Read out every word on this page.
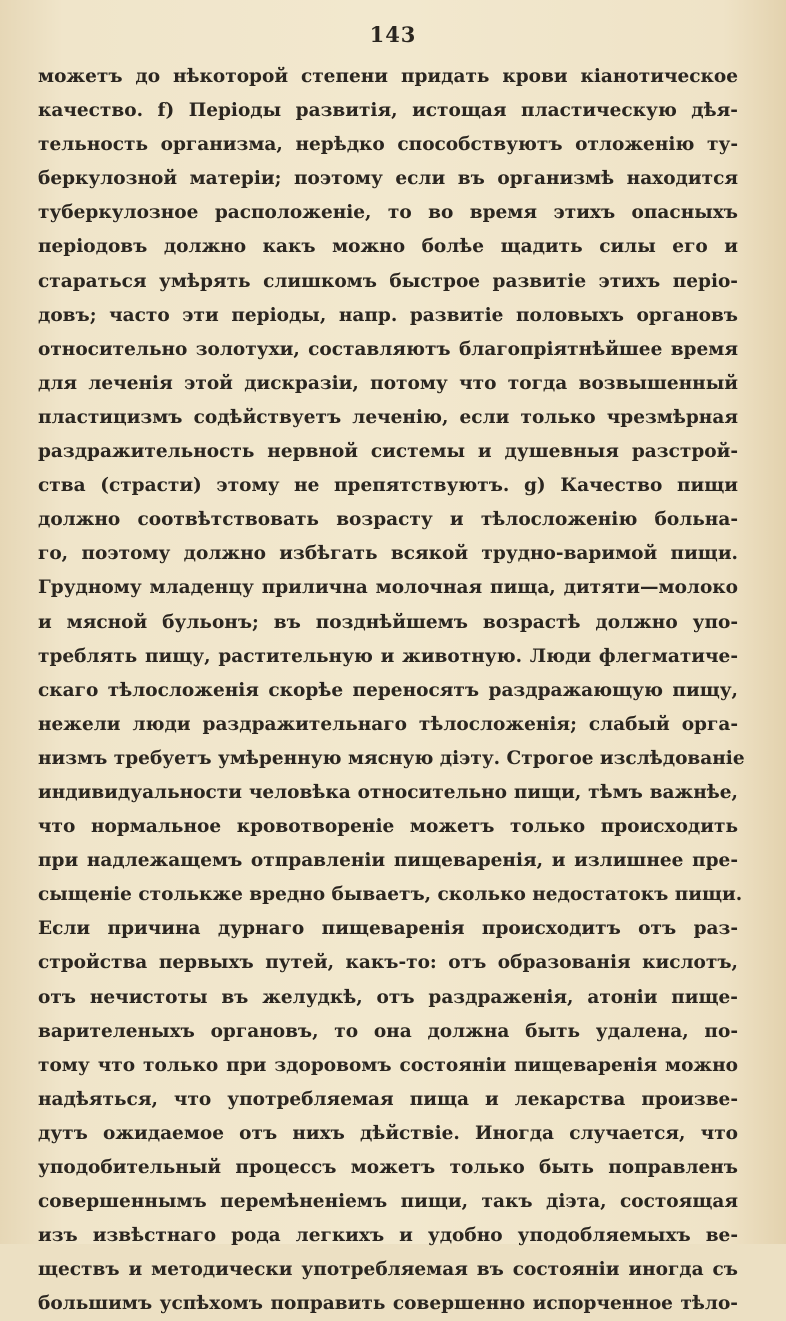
143
можетъ до нѣкоторой степени придать крови кіанотическое
качество. f) Періоды развитія, истощая пластическую дѣя-
тельность организма, нерѣдко способствуютъ отложенію ту-
беркулозной матеріи; поэтому если въ организмѣ находится
туберкулозное расположеніе, то во время этихъ опасныхъ
періодовъ должно какъ можно болѣе щадить силы его и
стараться умѣрять слишкомъ быстрое развитіе этихъ періо-
довъ; часто эти періоды, напр. развитіе половыхъ органовъ
относительно золотухи, составляютъ благопріятнѣйшее время
для леченія этой дискразіи, потому что тогда возвышенный
пластицизмъ содѣйствуетъ леченію, если только чрезмѣрная
раздражительность нервной системы и душевныя разстрой-
ства (страсти) этому не препятствуютъ. g) Качество пищи
должно соотвѣтствовать возрасту и тѣлосложенію больна-
го, поэтому должно избѣгать всякой трудно-варимой пищи.
Грудному младенцу прилична молочная пища, дитяти—молоко
и мясной бульонъ; въ позднѣйшемъ возрастѣ должно упо-
треблять пищу, растительную и животную. Люди флегматиче-
скаго тѣлосложенія скорѣе переносятъ раздражающую пищу,
нежели люди раздражительнаго тѣлосложенія; слабый орга-
низмъ требуетъ умѣренную мясную діэту. Строгое изслѣдованіе
индивидуальности человѣка относительно пищи, тѣмъ важнѣе,
что нормальное кровотвореніе можетъ только происходить
при надлежащемъ отправленіи пищеваренія, и излишнее пре-
сыщеніе столькже вредно бываетъ, сколько недостатокъ пищи.
Если причина дурнаго пищеваренія происходитъ отъ раз-
стройства первыхъ путей, какъ-то: отъ образованія кислотъ,
отъ нечистоты въ желудкѣ, отъ раздраженія, атоніи пище-
варителеныхъ органовъ, то она должна быть удалена, по-
тому что только при здоровомъ состояніи пищеваренія можно
надѣяться, что употребляемая пища и лекарства произве-
дутъ ожидаемое отъ нихъ дѣйствіе. Иногда случается, что
уподобительный процессъ можетъ только быть поправленъ
совершеннымъ перемѣненіемъ пищи, такъ діэта, состоящая
изъ извѣстнаго рода легкихъ и удобно уподобляемыхъ ве-
ществъ и методически употребляемая въ состояніи иногда съ
большимъ успѣхомъ поправить совершенно испорченное тѣло-
